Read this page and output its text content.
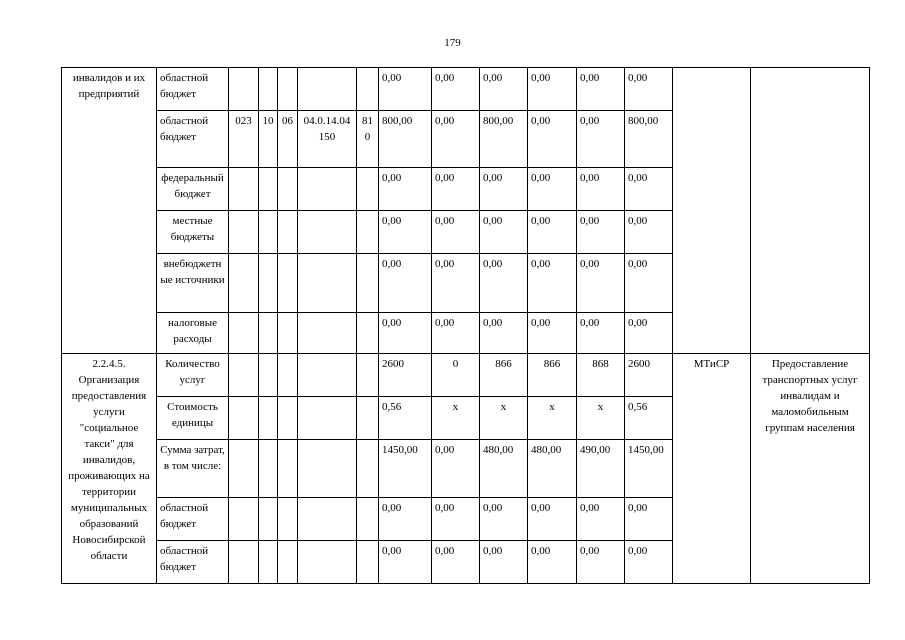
179
инвалидов и их предприятий	областной бюджет						0,00	0,00	0,00	0,00	0,00	0,00		
	областной бюджет	023	10	06	04.0.14.04150	810	800,00	0,00	800,00	0,00	0,00	800,00		
	федеральный бюджет						0,00	0,00	0,00	0,00	0,00	0,00		
	местные бюджеты						0,00	0,00	0,00	0,00	0,00	0,00		
	внебюджетные источники						0,00	0,00	0,00	0,00	0,00	0,00		
	налоговые расходы						0,00	0,00	0,00	0,00	0,00	0,00		
2.2.4.5. Организация предоставления услуги "социальное такси" для инвалидов, проживающих на территории муниципальных образований Новосибирской области	Количество услуг						2600	0	866	866	868	2600	МТиСР	Предоставление транспортных услуг инвалидам и маломобильным группам населения
	Стоимость единицы						0,56	х	х	х	х	0,56		
	Сумма затрат, в том числе:						1450,00	0,00	480,00	480,00	490,00	1450,00		
	областной бюджет						0,00	0,00	0,00	0,00	0,00	0,00		
	областной бюджет						0,00	0,00	0,00	0,00	0,00	0,00		
